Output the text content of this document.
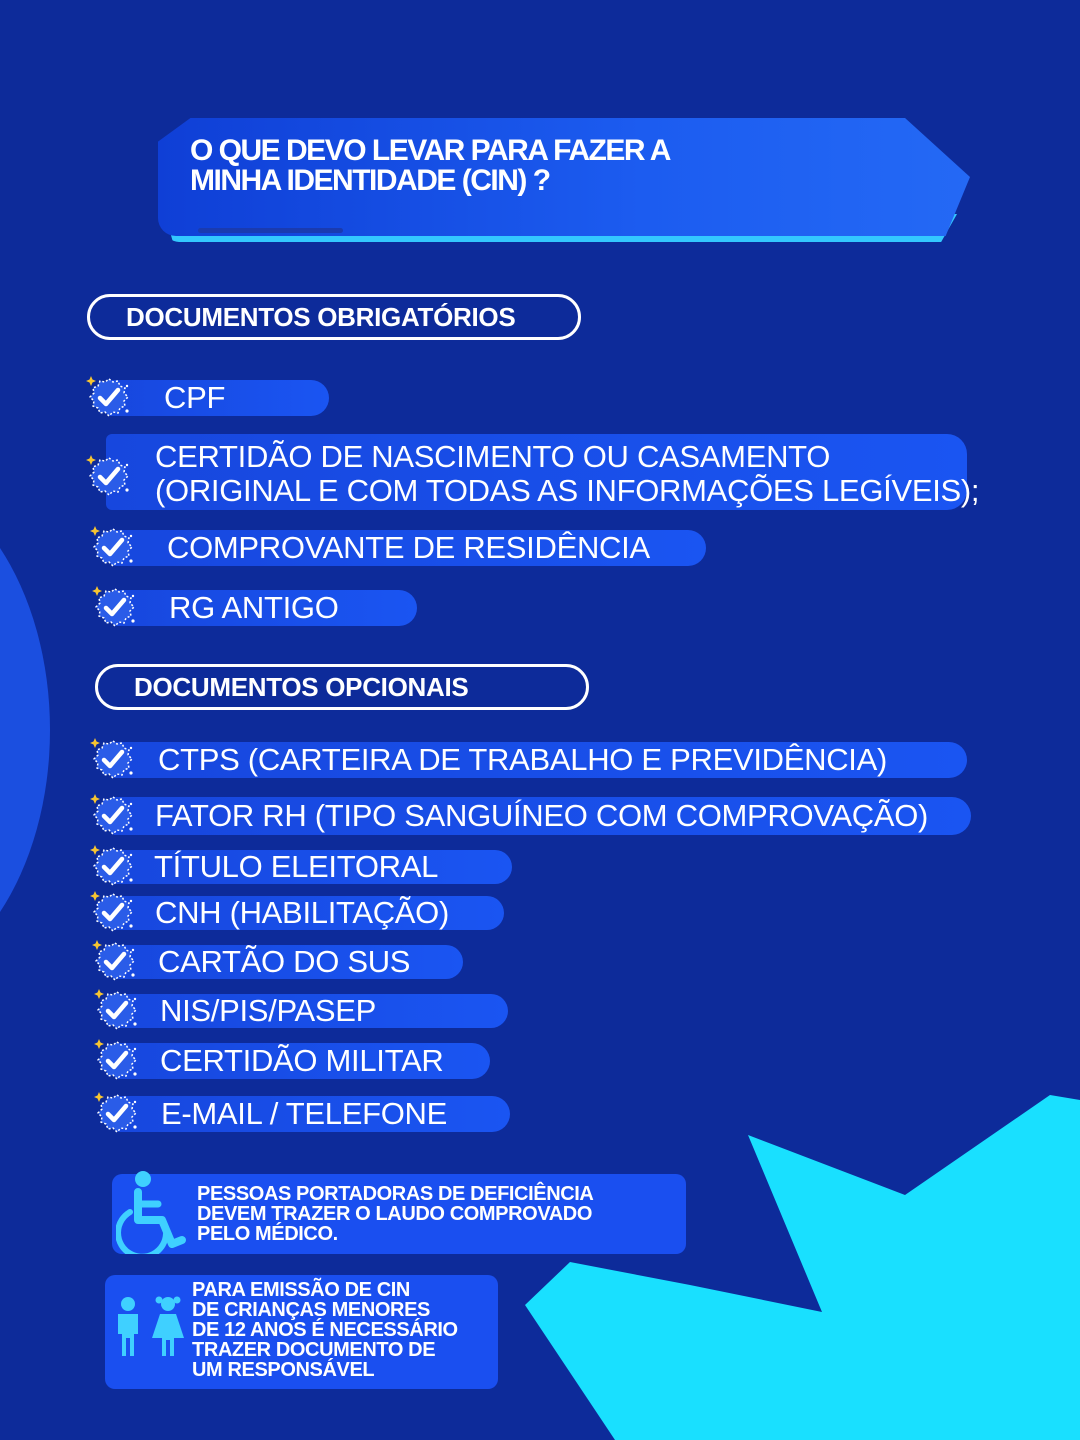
O QUE DEVO LEVAR PARA FAZER A
MINHA IDENTIDADE (CIN) ?
DOCUMENTOS OBRIGATÓRIOS
CPF
CERTIDÃO DE NASCIMENTO OU CASAMENTO
(ORIGINAL E COM TODAS AS INFORMAÇÕES LEGÍVEIS);
COMPROVANTE DE RESIDÊNCIA
RG ANTIGO
DOCUMENTOS OPCIONAIS
CTPS (CARTEIRA DE TRABALHO E PREVIDÊNCIA)
FATOR RH (TIPO SANGUÍNEO COM COMPROVAÇÃO)
TÍTULO ELEITORAL
CNH (HABILITAÇÃO)
CARTÃO DO SUS
NIS/PIS/PASEP
CERTIDÃO MILITAR
E-MAIL / TELEFONE
PESSOAS PORTADORAS DE DEFICIÊNCIA
DEVEM TRAZER O LAUDO COMPROVADO
PELO MÉDICO.
PARA EMISSÃO DE CIN
DE CRIANÇAS MENORES
DE 12 ANOS É NECESSÁRIO
TRAZER DOCUMENTO DE
UM RESPONSÁVEL
